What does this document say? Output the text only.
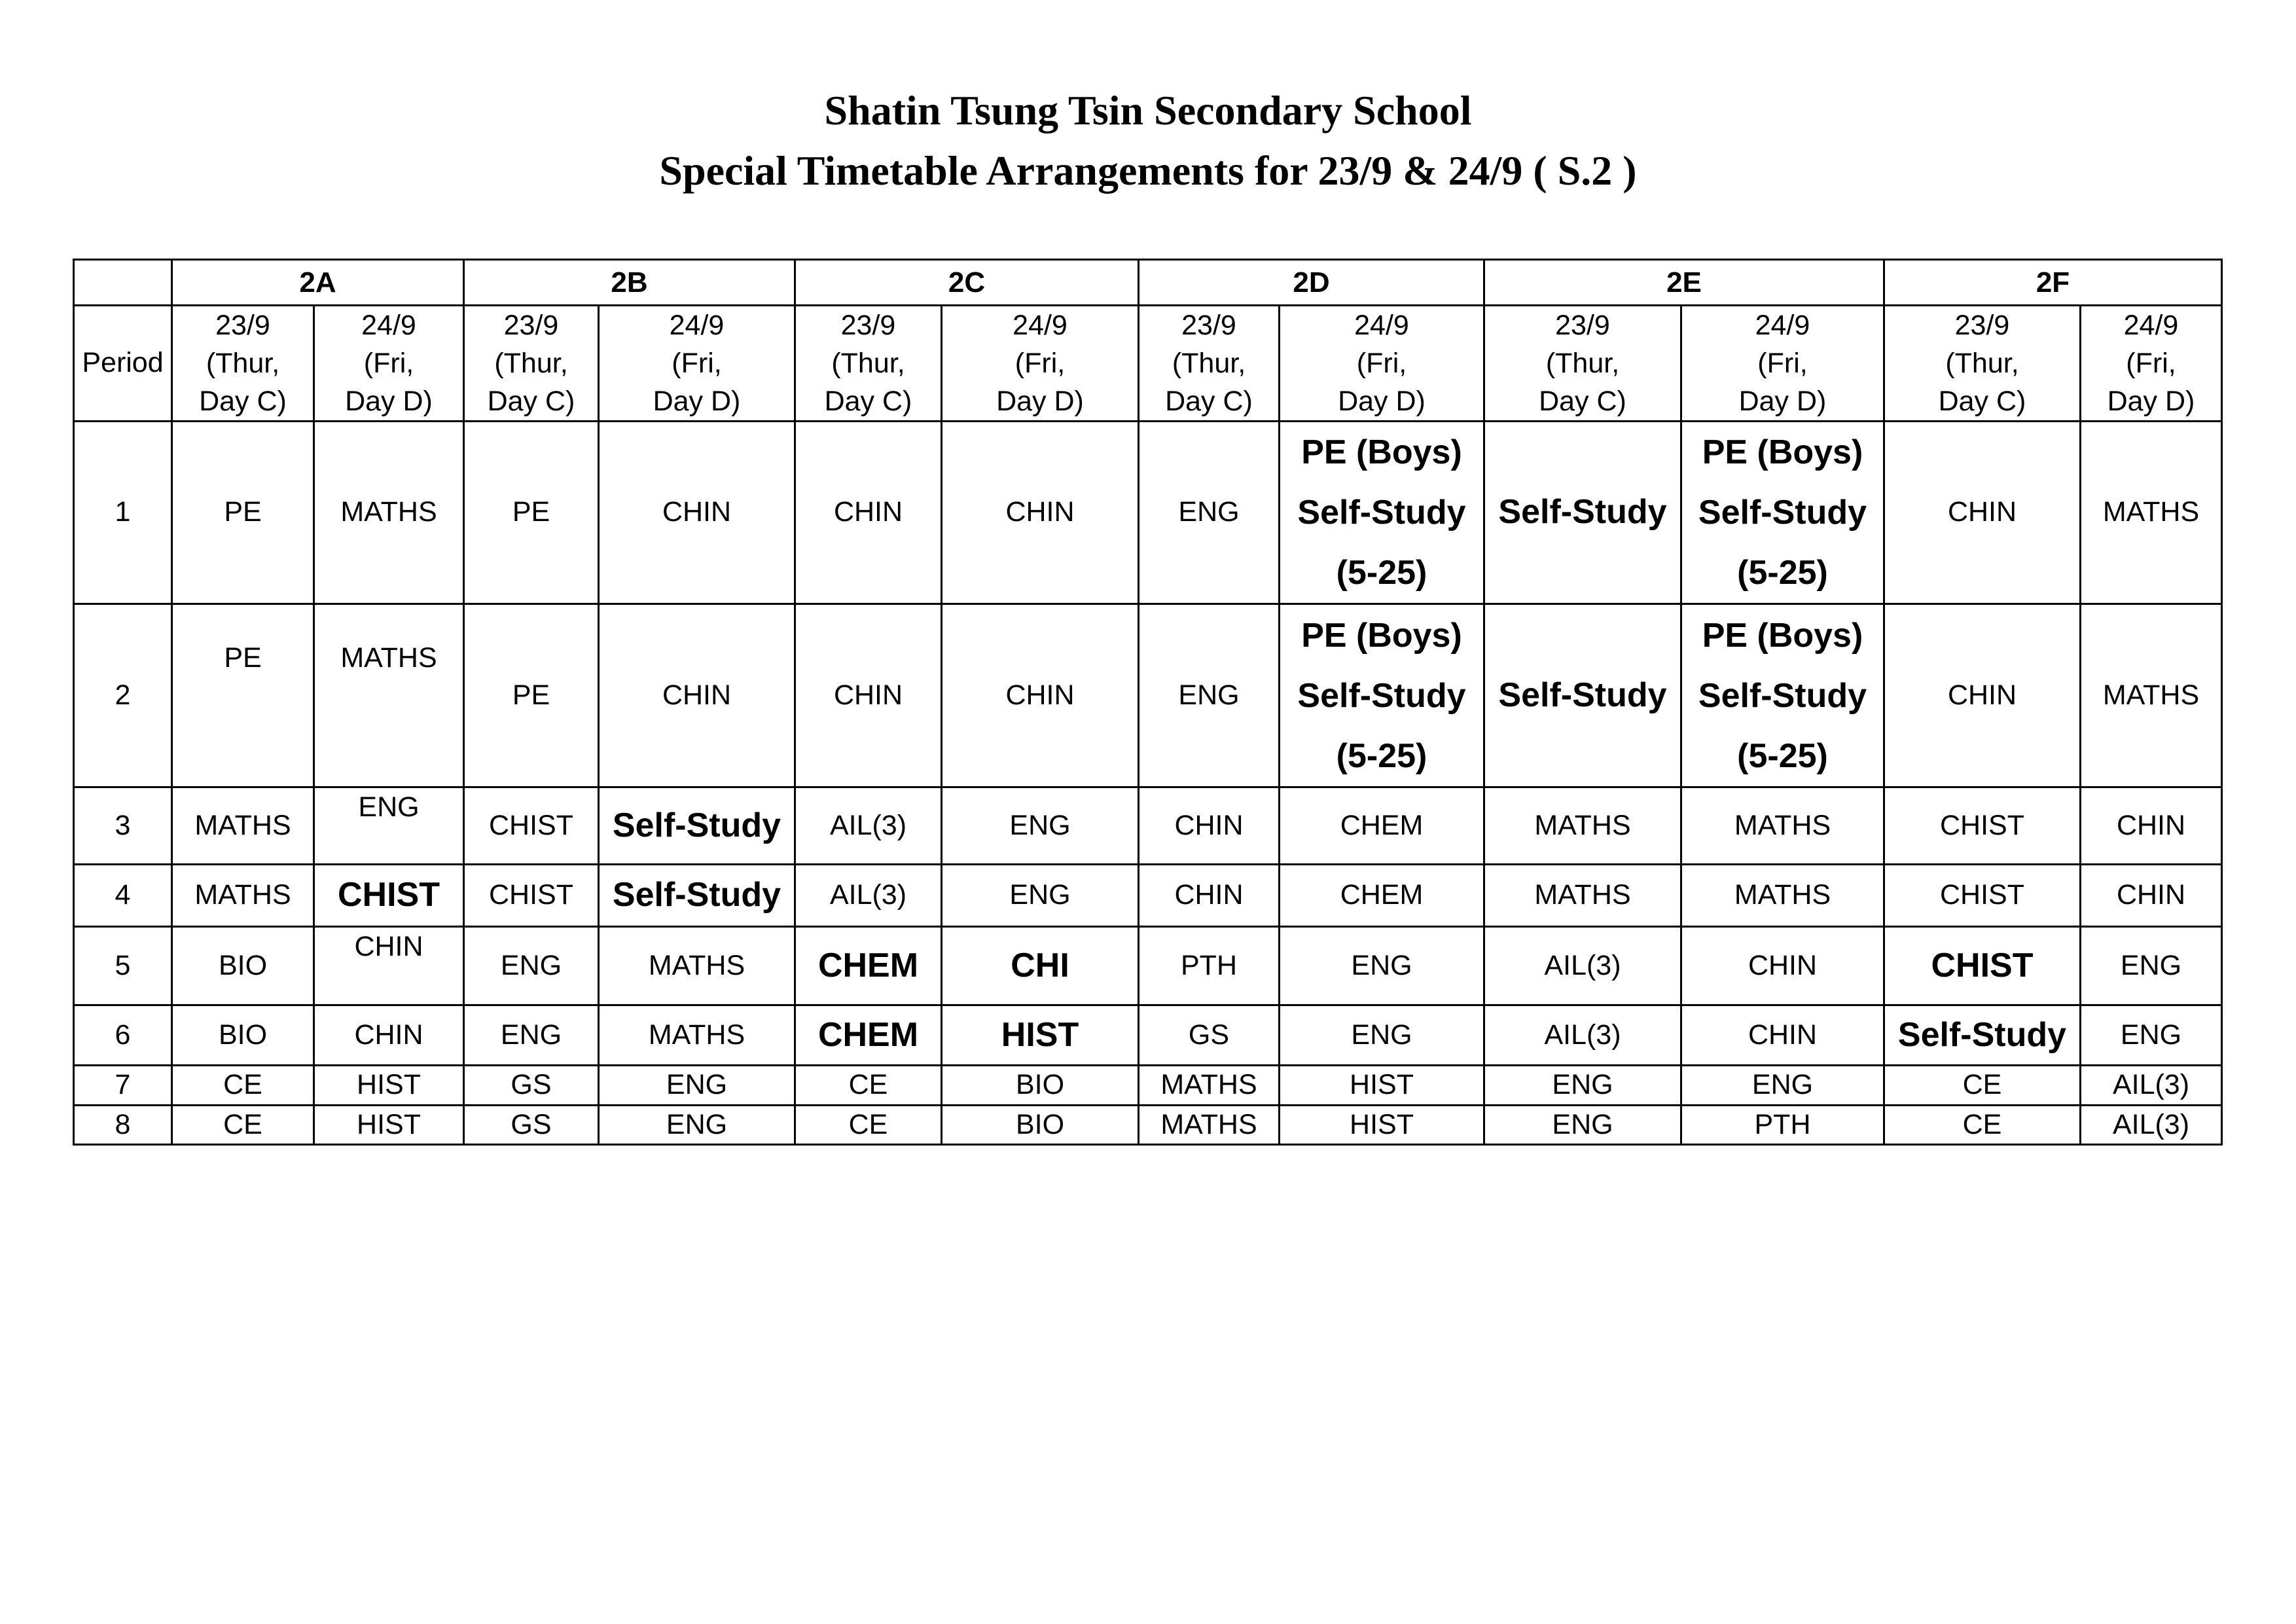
Shatin Tsung Tsin Secondary School
Special Timetable Arrangements for 23/9 & 24/9 ( S.2 )
	2A		2B		2C		2D		2E		2F	
Period	23/9
(Thur,
Day C)	24/9
(Fri,
Day D)	23/9
(Thur,
Day C)	24/9
(Fri,
Day D)	23/9
(Thur,
Day C)	24/9
(Fri,
Day D)	23/9
(Thur,
Day C)	24/9
(Fri,
Day D)	23/9
(Thur,
Day C)	24/9
(Fri,
Day D)	23/9
(Thur,
Day C)	24/9
(Fri,
Day D)
1	PE	MATHS	PE	CHIN	CHIN	CHIN	ENG	PE (Boys)
Self-Study
(5-25)	Self-Study	PE (Boys)
Self-Study
(5-25)	CHIN	MATHS
2	PE	MATHS	PE	CHIN	CHIN	CHIN	ENG	PE (Boys)
Self-Study
(5-25)	Self-Study	PE (Boys)
Self-Study
(5-25)	CHIN	MATHS
3	MATHS	ENG	CHIST	Self-Study	AIL(3)	ENG	CHIN	CHEM	MATHS	MATHS	CHIST	CHIN
4	MATHS	CHIST	CHIST	Self-Study	AIL(3)	ENG	CHIN	CHEM	MATHS	MATHS	CHIST	CHIN
5	BIO	CHIN	ENG	MATHS	CHEM	CHI	PTH	ENG	AIL(3)	CHIN	CHIST	ENG
6	BIO	CHIN	ENG	MATHS	CHEM	HIST	GS	ENG	AIL(3)	CHIN	Self-Study	ENG
7	CE	HIST	GS	ENG	CE	BIO	MATHS	HIST	ENG	ENG	CE	AIL(3)
8	CE	HIST	GS	ENG	CE	BIO	MATHS	HIST	ENG	PTH	CE	AIL(3)
